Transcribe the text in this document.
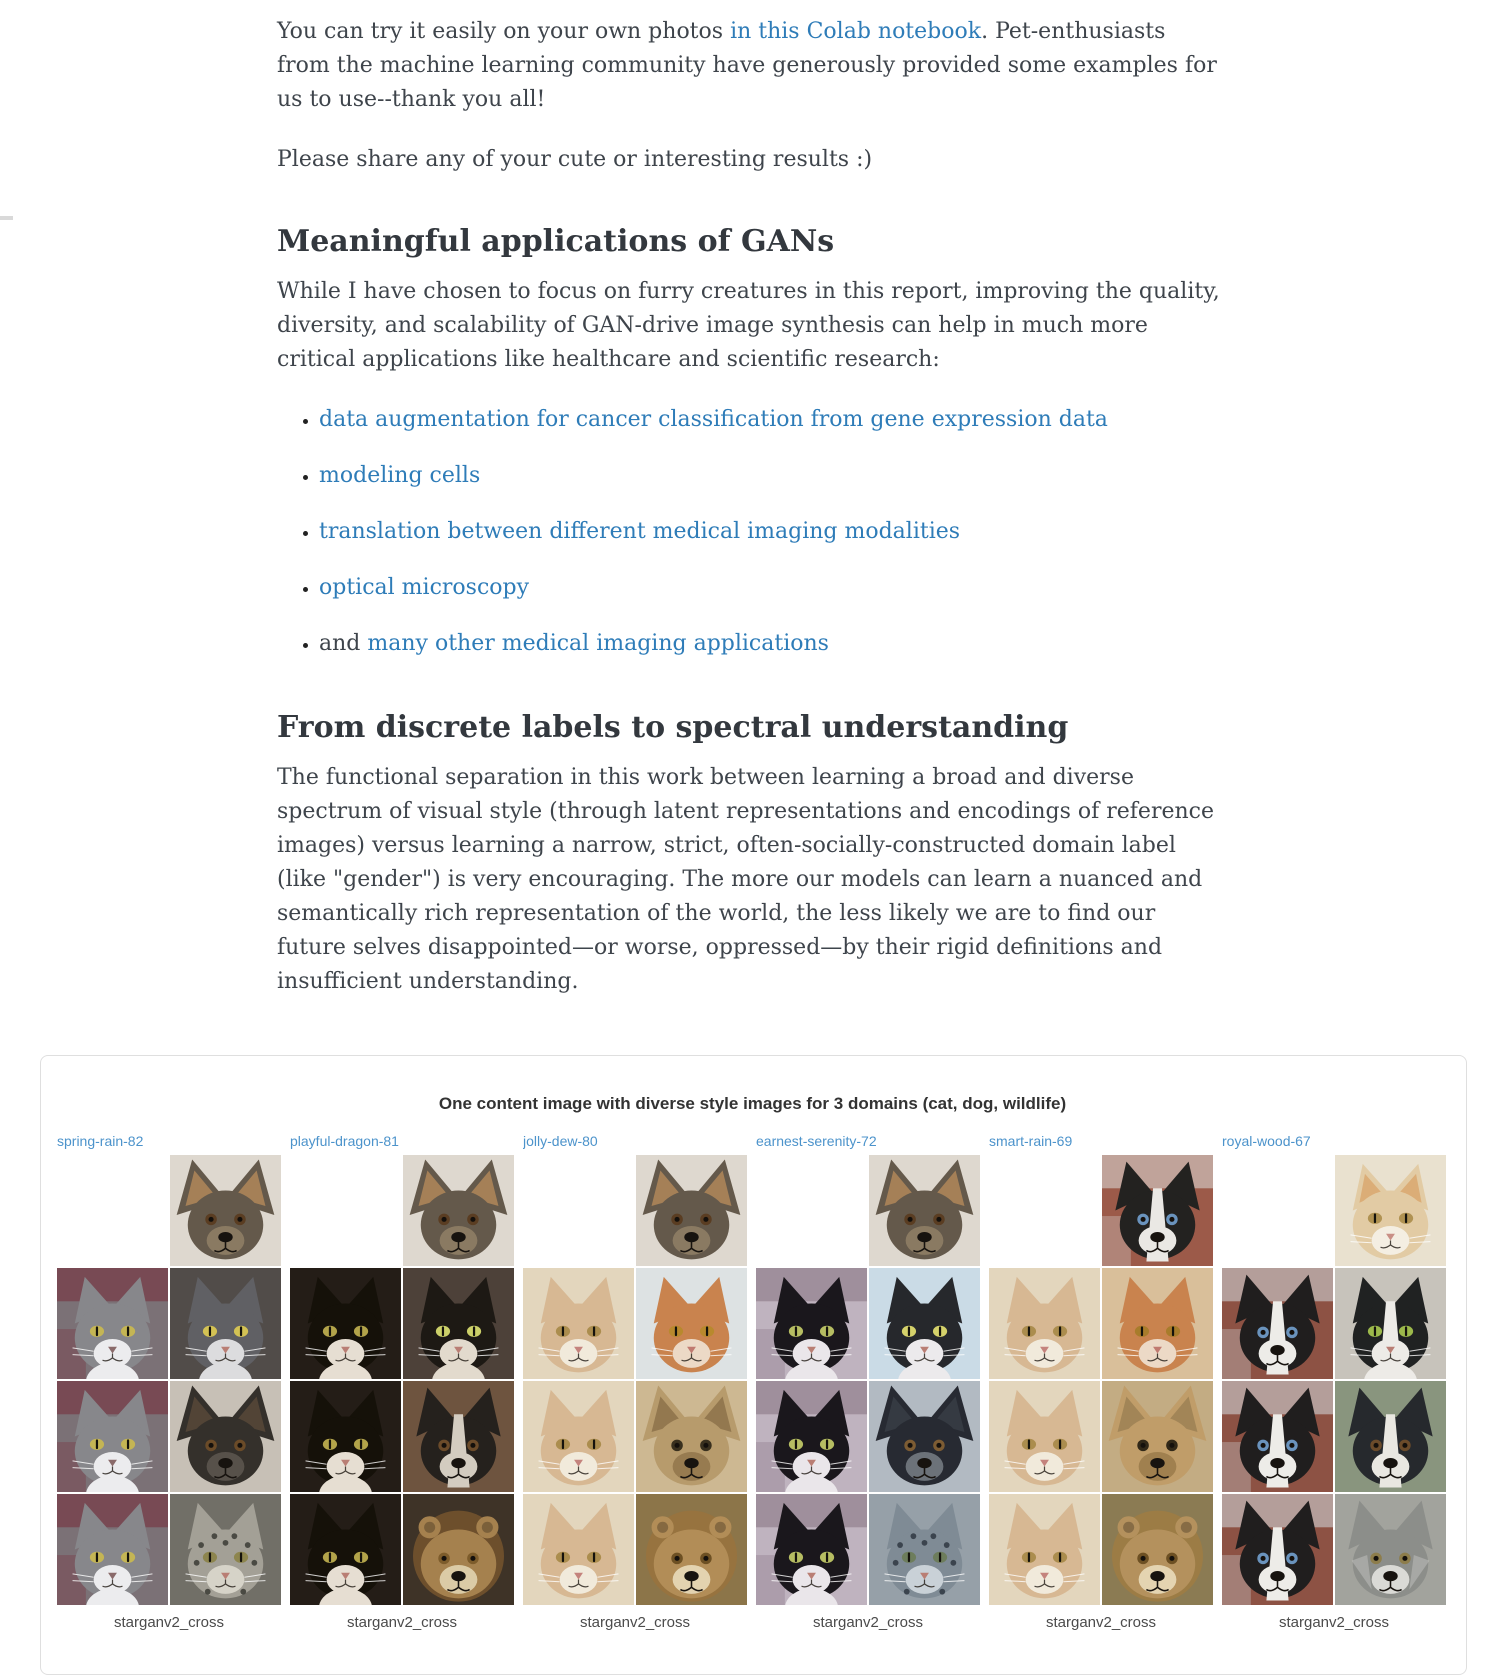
You can try it easily on your own photos in this Colab notebook. Pet-enthusiasts from the machine learning community have generously provided some examples for us to use--thank you all!

Please share any of your cute or interesting results :)

Meaningful applications of GANs

While I have chosen to focus on furry creatures in this report, improving the quality, diversity, and scalability of GAN-drive image synthesis can help in much more critical applications like healthcare and scientific research:

• data augmentation for cancer classification from gene expression data
• modeling cells
• translation between different medical imaging modalities
• optical microscopy
• and many other medical imaging applications
From discrete labels to spectral understanding

The functional separation in this work between learning a broad and diverse spectrum of visual style (through latent representations and encodings of reference images) versus learning a narrow, strict, often-socially-constructed domain label (like "gender") is very encouraging. The more our models can learn a nuanced and semantically rich representation of the world, the less likely we are to find our future selves disappointed—or worse, oppressed—by their rigid definitions and insufficient understanding.

One content image with diverse style images for 3 domains (cat, dog, wildlife)
spring-rain-82
starganv2_cross
playful-dragon-81
starganv2_cross
jolly-dew-80
starganv2_cross
earnest-serenity-72
starganv2_cross
smart-rain-69
starganv2_cross
royal-wood-67
starganv2_cross
